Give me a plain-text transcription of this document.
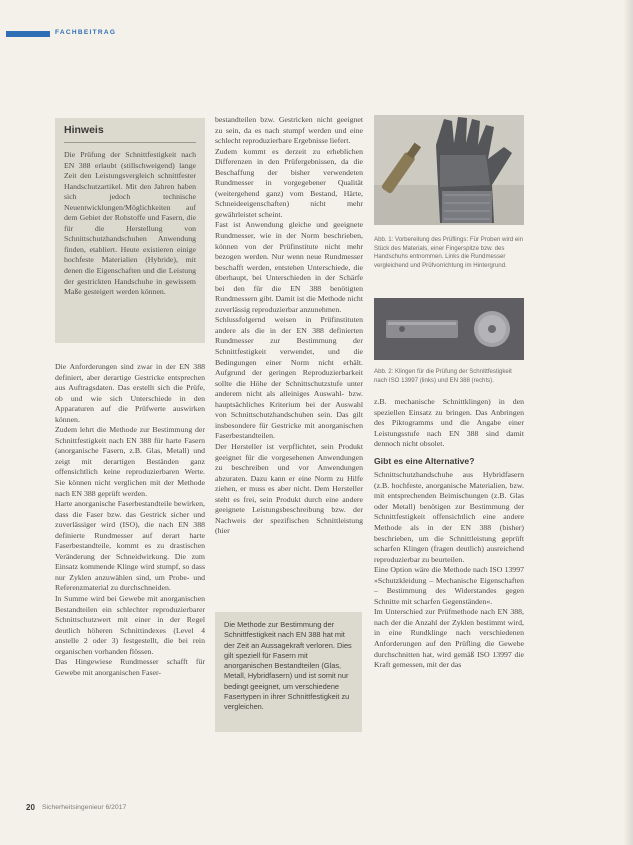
FACHBEITRAG
Hinweis

Die Prüfung der Schnittfestigkeit nach EN 388 erlaubt (stillschweigend) lange Zeit den Leistungsvergleich schnittfester Handschutzartikel. Mit den Jahren haben sich jedoch technische Neuentwicklungen/Möglichkeiten auf dem Gebiet der Rohstoffe und Fasern, die für die Herstellung von Schnittschutzhandschuhen Anwendung finden, etabliert. Heute existieren einige hochfeste Materialien (Hybride), mit denen die Eigenschaften und die Leistung der gestrickten Handschuhe in gewissem Maße gesteigert werden können.

Die Anforderungen sind zwar in der EN 388 definiert, aber derartige Gestricke entsprechen aus Auftragsdaten. Das erstellt sich die Prüfe, ob und wie sich Unterschiede in den Apparaturen auf die Prüfwerte auswirken können.

Zudem lehrt die Methode zur Bestimmung der Schnittfestigkeit nach EN 388 für harte Fasern (anorganische Fasern, z.B. Glas, Metall) und zeigt mit derartigen Beständen ganz offensichtlich keine reproduzierbaren Werte. Sie können nicht verglichen mit der Methode nach EN 388 geprüft werden.

Harte anorganische Faserbestandteile bewirken, dass die Faser bzw. das Gestrick sicher und zuverlässiger wird (ISO), die nach EN 388 definierte Rundmesser auf derart harte Faserbestandteile, kommt es zu drastischen Veränderung der Schneidwirkung. Die zum Einsatz kommende Klinge wird stumpf, so dass nur Zyklen anzuwählen sind, um Probe- und Referenzmaterial zu durchschneiden.

In Summe wird bei Gewebe mit anorganischen Bestandteilen ein schlechter reproduzierbarer Schnittschutzwert mit einer in der Regel deutlich höheren Schnittindexes (Level 4 anstelle 2 oder 3) festgestellt, die bei rein organischen vorhanden flössen.

Das Hingewiese Rundmesser schafft für Gewebe mit anorganischen Faser-

bestandteilen bzw. Gestricken nicht geeignet zu sein, da es nach stumpf werden und eine schlecht reproduzierbare Ergebnisse liefert.

Zudem kommt es derzeit zu erheblichen Differenzen in den Prüfergebnissen, da die Beschaffung der bisher verwendeten Rundmesser in vorgegebener Qualität (weitergehend ganz) vom Bestand, Härte, Schneideeigenschaften) nicht mehr gewährleistet scheint.

Fast ist Anwendung gleiche und geeignete Rundmesser, wie in der Norm beschrieben, können von der Prüfinstitute nicht mehr bezogen werden. Nur wenn neue Rundmesser beschafft werden, entstehen Unterschiede, die überhaupt, bei Unterschieden in der Schärfe bei den für die EN 388 benötigten Rundmessern gibt. Damit ist die Methode nicht zuverlässig reproduzierbar anzunehmen.

Schlussfolgernd weisen in Prüfinstituten andere als die in der EN 388 definierten Rundmesser zur Bestimmung der Schnittfestigkeit verwendet, und die Bedingungen einer Norm nicht erhält. Aufgrund der geringen Reproduzierbarkeit sollte die Höhe der Schnittschutzstufe unter anderem nicht als alleiniges Auswahl- bzw. hauptsächliches Kriterium bei der Auswahl von Schnittschutzhandschuhen sein. Das gilt insbesondere für Gestricke mit anorganischen Faserbestandteilen.

Der Hersteller ist verpflichtet, sein Produkt geeignet für die vorgesehenen Anwendungen zu beschreiben und vor Anwendungen abzuraten. Dazu kann er eine Norm zu Hilfe ziehen, er muss es aber nicht. Dem Hersteller steht es frei, sein Produkt durch eine andere geeignete Leistungsbeschreibung bzw. der Nachweis der spezifischen Schnittleistung (hier

Die Methode zur Bestimmung der Schnittfestigkeit nach EN 388 hat mit der Zeit an Aussagekraft verloren. Dies gilt speziell für Fasern mit anorganischen Bestandteilen (Glas, Metall, Hybridfasern) und ist somit nur bedingt geeignet, um verschiedene Fasertypen in ihrer Schnittfestigkeit zu vergleichen.

Abb. 1: Vorbereitung des Prüflings: Für Proben wird ein Stück des Materials, einer Fingerspitze bzw. des Handschuhs entnommen. Links die Rundmesser vergleichend und Prüfvorrichtung im Hintergrund.
Abb. 2: Klingen für die Prüfung der Schnittfestigkeit nach ISO 13997 (links) und EN 388 (rechts).

z.B. mechanische Schnittklingen) in den speziellen Einsatz zu bringen. Das Anbringen des Piktogramms und die Angabe einer Leistungsstufe nach EN 388 sind damit dennoch nicht obsolet.

Gibt es eine Alternative?

Schnittschutzhandschuhe aus Hybridfasern (z.B. hochfeste, anorganische Materialien, bzw. mit entsprechenden Beimischungen (z.B. Glas oder Metall) benötigen zur Bestimmung der Schnittfestigkeit offensichtlich eine andere Methode als in der EN 388 (bisher) beschrieben, um die Schnittleistung geprüft scharfen Klingen (fragen deutlich) ausreichend reproduzierbar zu beurteilen.

Eine Option wäre die Methode nach ISO 13997 »Schutzkleidung – Mechanische Eigenschaften – Bestimmung des Widerstandes gegen Schnitte mit scharfen Gegenständen«.

Im Unterschied zur Prüfmethode nach EN 388, nach der die Anzahl der Zyklen bestimmt wird, in eine Rundklinge nach verschiedenen Anforderungen auf den Prüfling die Gewebe durchschnitten hat, wird gemäß ISO 13997 die Kraft gemessen, mit der das

20 Sicherheitsingenieur 6/2017
